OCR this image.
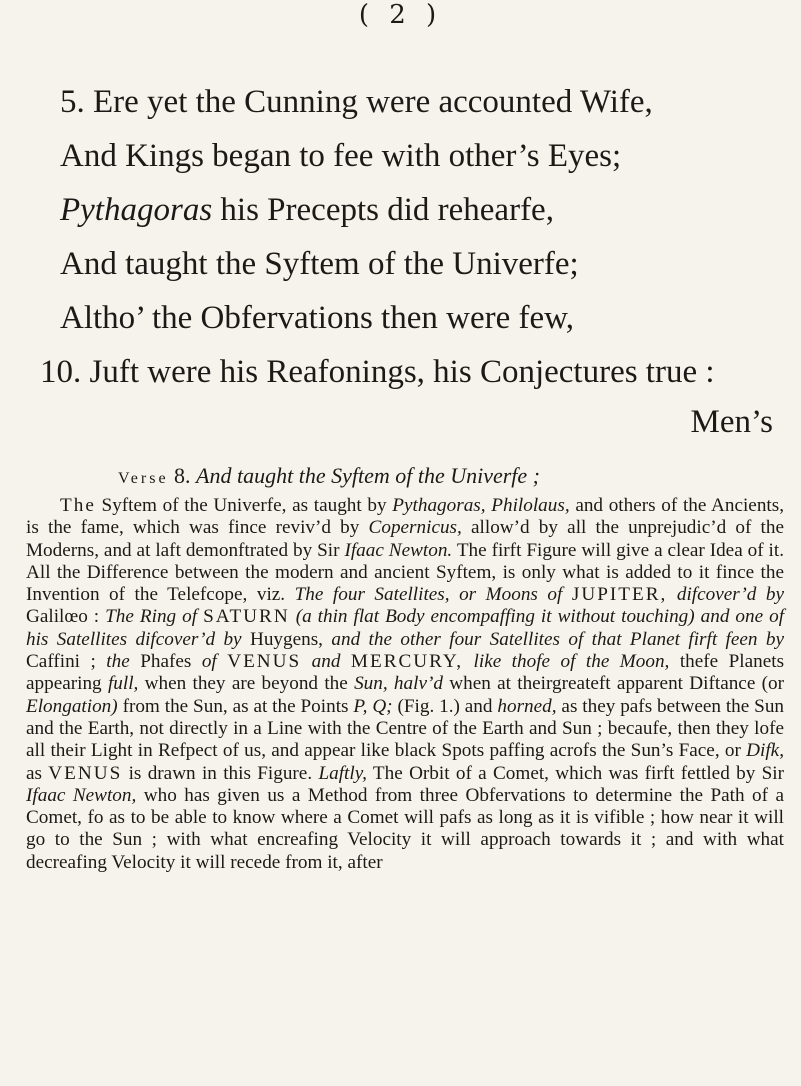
( 2 )
5. Ere yet the Cunning were accounted Wife,
And Kings began to fee with other’s Eyes;
Pythagoras his Precepts did rehearfe,
And taught the Syftem of the Univerfe;
Altho’ the Obfervations then were few,
10. Juft were his Reafonings, his Conjectures true :
Men’s
Verse 8. And taught the Syftem of the Univerfe ;
The Syftem of the Univerfe, as taught by Pythagoras, Philolaus, and others of the Ancients, is the fame, which was fince reviv’d by Copernicus, allow’d by all the unprejudic’d of the Moderns, and at laft demonftrated by Sir Ifaac Newton. The firft Figure will give a clear Idea of it. All the Difference between the modern and ancient Syftem, is only what is added to it fince the Invention of the Telefcope, viz. The four Satellites, or Moons of JUPITER, difcover’d by Galilœo : The Ring of SATURN (a thin flat Body encompaffing it without touching) and one of his Satellites difcover’d by Huygens, and the other four Satellites of that Planet firft feen by Caffini ; the Phafes of VENUS and MERCURY, like thofe of the Moon, thefe Planets appearing full, when they are beyond the Sun, halv’d when at theirgreateft apparent Diftance (or Elongation) from the Sun, as at the Points P, Q; (Fig. 1.) and horned, as they pafs between the Sun and the Earth, not directly in a Line with the Centre of the Earth and Sun ; becaufe, then they lofe all their Light in Refpect of us, and appear like black Spots paffing acrofs the Sun’s Face, or Difk, as VENUS is drawn in this Figure. Laftly, The Orbit of a Comet, which was firft fettled by Sir Ifaac Newton, who has given us a Method from three Obfervations to determine the Path of a Comet, fo as to be able to know where a Comet will pafs as long as it is vifible ; how near it will go to the Sun ; with what encreafing Velocity it will approach towards it ; and with what decreafing Velocity it will recede from it, after
